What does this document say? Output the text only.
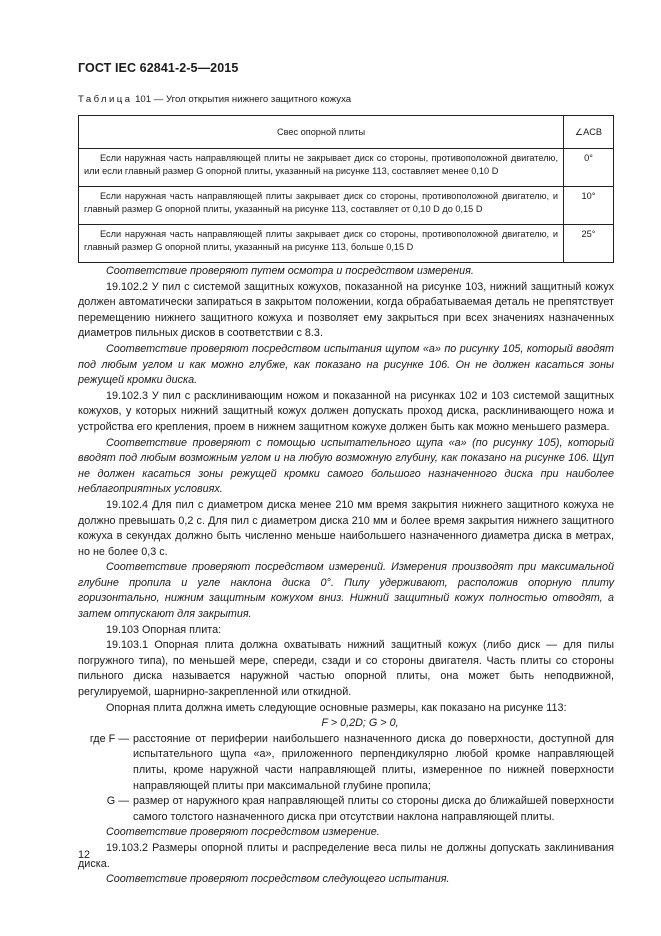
ГОСТ IEC 62841-2-5—2015
Таблица 101 — Угол открытия нижнего защитного кожуха
Свес опорной плиты	∠ACB
Если наружная часть направляющей плиты не закрывает диск со стороны, противоположной двигателю, или если главный размер G опорной плиты, указанный на рисунке 113, составляет менее 0,10 D	0°
Если наружная часть направляющей плиты закрывает диск со стороны, противоположной двигателю, и главный размер G опорной плиты, указанный на рисунке 113, составляет от 0,10 D до 0,15 D	10°
Если наружная часть направляющей плиты закрывает диск со стороны, противоположной двигателю, и главный размер G опорной плиты, указанный на рисунке 113, больше 0,15 D	25°

Соответствие проверяют путем осмотра и посредством измерения.

19.102.2 У пил с системой защитных кожухов, показанной на рисунке 103, нижний защитный кожух должен автоматически запираться в закрытом положении, когда обрабатываемая деталь не препятствует перемещению нижнего защитного кожуха и позволяет ему закрыться при всех значениях назначенных диаметров пильных дисков в соответствии с 8.3.

Соответствие проверяют посредством испытания щупом «а» по рисунку 105, который вводят под любым углом и как можно глубже, как показано на рисунке 106. Он не должен касаться зоны режущей кромки диска.

19.102.3 У пил с расклинивающим ножом и показанной на рисунках 102 и 103 системой защитных кожухов, у которых нижний защитный кожух должен допускать проход диска, расклинивающего ножа и устройства его крепления, проем в нижнем защитном кожухе должен быть как можно меньшего размера.

Соответствие проверяют с помощью испытательного щупа «а» (по рисунку 105), который вводят под любым возможным углом и на любую возможную глубину, как показано на рисунке 106. Щуп не должен касаться зоны режущей кромки самого большого назначенного диска при наиболее неблагоприятных условиях.

19.102.4 Для пил с диаметром диска менее 210 мм время закрытия нижнего защитного кожуха не должно превышать 0,2 с. Для пил с диаметром диска 210 мм и более время закрытия нижнего защитного кожуха в секундах должно быть численно меньше наибольшего назначенного диаметра диска в метрах, но не более 0,3 с.

Соответствие проверяют посредством измерений. Измерения производят при максимальной глубине пропила и угле наклона диска 0°. Пилу удерживают, расположив опорную плиту горизонтально, нижним защитным кожухом вниз. Нижний защитный кожух полностью отводят, а затем отпускают для закрытия.

19.103 Опорная плита:

19.103.1 Опорная плита должна охватывать нижний защитный кожух (либо диск — для пилы погружного типа), по меньшей мере, спереди, сзади и со стороны двигателя. Часть плиты со стороны пильного диска называется наружной частью опорной плиты, она может быть неподвижной, регулируемой, шарнирно-закрепленной или откидной.

Опорная плита должна иметь следующие основные размеры, как показано на рисунке 113:

F > 0,2D; G > 0,

где F — расстояние от периферии наибольшего назначенного диска до поверхности, доступной для испытательного щупа «а», приложенного перпендикулярно любой кромке направляющей плиты, кроме наружной части направляющей плиты, измеренное по нижней поверхности направляющей плиты при максимальной глубине пропила;
G — размер от наружного края направляющей плиты со стороны диска до ближайшей поверхности самого толстого назначенного диска при отсутствии наклона направляющей плиты.

Соответствие проверяют посредством измерение.

19.103.2 Размеры опорной плиты и распределение веса пилы не должны допускать заклинивания диска.

Соответствие проверяют посредством следующего испытания.

12
